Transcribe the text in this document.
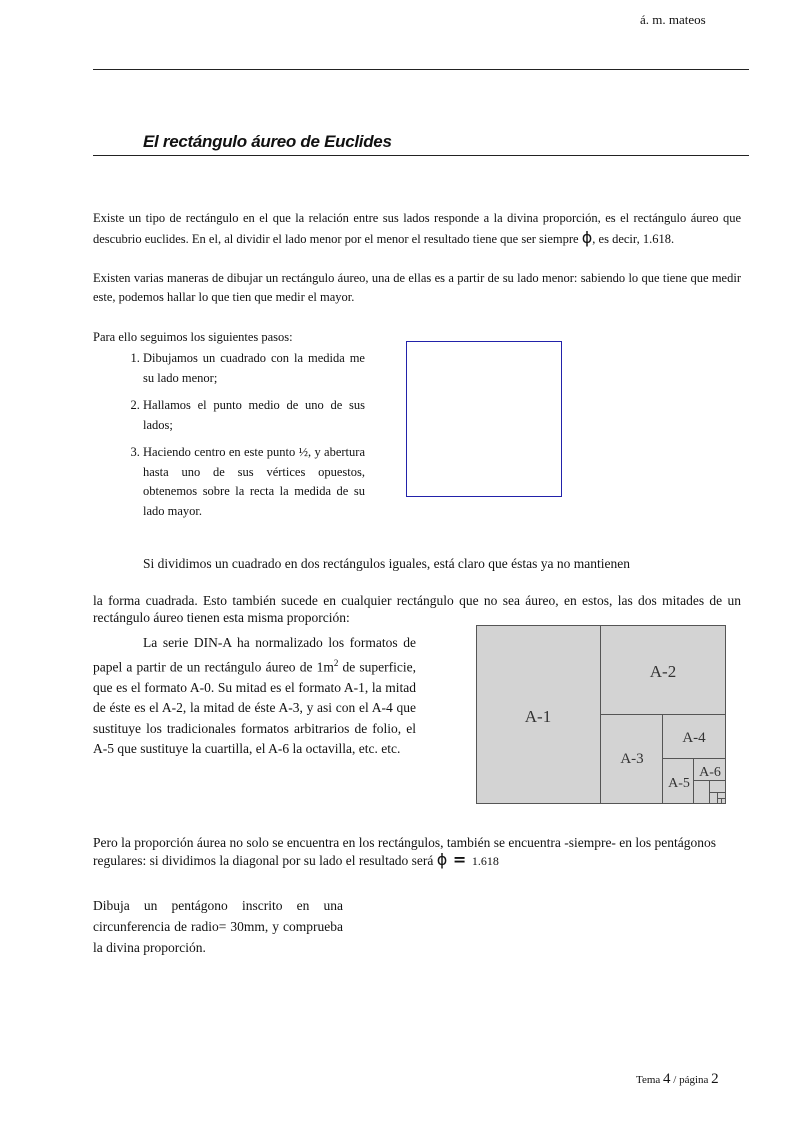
á. m. mateos
El rectángulo áureo de Euclides
Existe un tipo de rectángulo en el que la relación entre sus lados responde a la divina proporción, es el rectángulo áureo que descubrio euclides. En el, al dividir el lado menor por el menor el resultado tiene que ser siempre ϕ, es decir, 1.618.
Existen varias maneras de dibujar un rectángulo áureo, una de ellas es a partir de su lado menor: sabiendo lo que tiene que medir este, podemos hallar lo que tien que medir el mayor.
Para ello seguimos los siguientes pasos:
1. Dibujamos un cuadrado con la medida me su lado menor;
2. Hallamos el punto medio de uno de sus lados;
3. Haciendo centro en este punto ½, y abertura hasta uno de sus vértices opuestos, obtenemos sobre la recta la medida de su lado mayor.
Si dividimos un cuadrado en dos rectángulos iguales, está claro que éstas ya no mantienen
la forma cuadrada. Esto también sucede en cualquier rectángulo que no sea áureo, en estos, las dos mitades de un rectángulo áureo tienen esta misma proporción:
La serie DIN-A ha normalizado los formatos de papel a partir de un rectángulo áureo de $1m^2$ de superficie, que es el formato A-0. Su mitad es el formato A-1, la mitad de éste es el A-2, la mitad de éste A-3, y asi con el A-4 que sustituye los tradicionales formatos arbitrarios de folio, el A-5 que sustituye la cuartilla, el A-6 la octavilla, etc. etc.
A-1
A-2
A-3
A-4
A-5
A-6
Pero la proporción áurea no solo se encuentra en los rectángulos, también se encuentra -siempre- en los pentágonos regulares: si dividimos la diagonal por su lado el resultado será ϕ = 1.618
Dibuja un pentágono inscrito en una circunferencia de radio= 30mm, y comprueba la divina proporción.
Tema 4 / página 2
